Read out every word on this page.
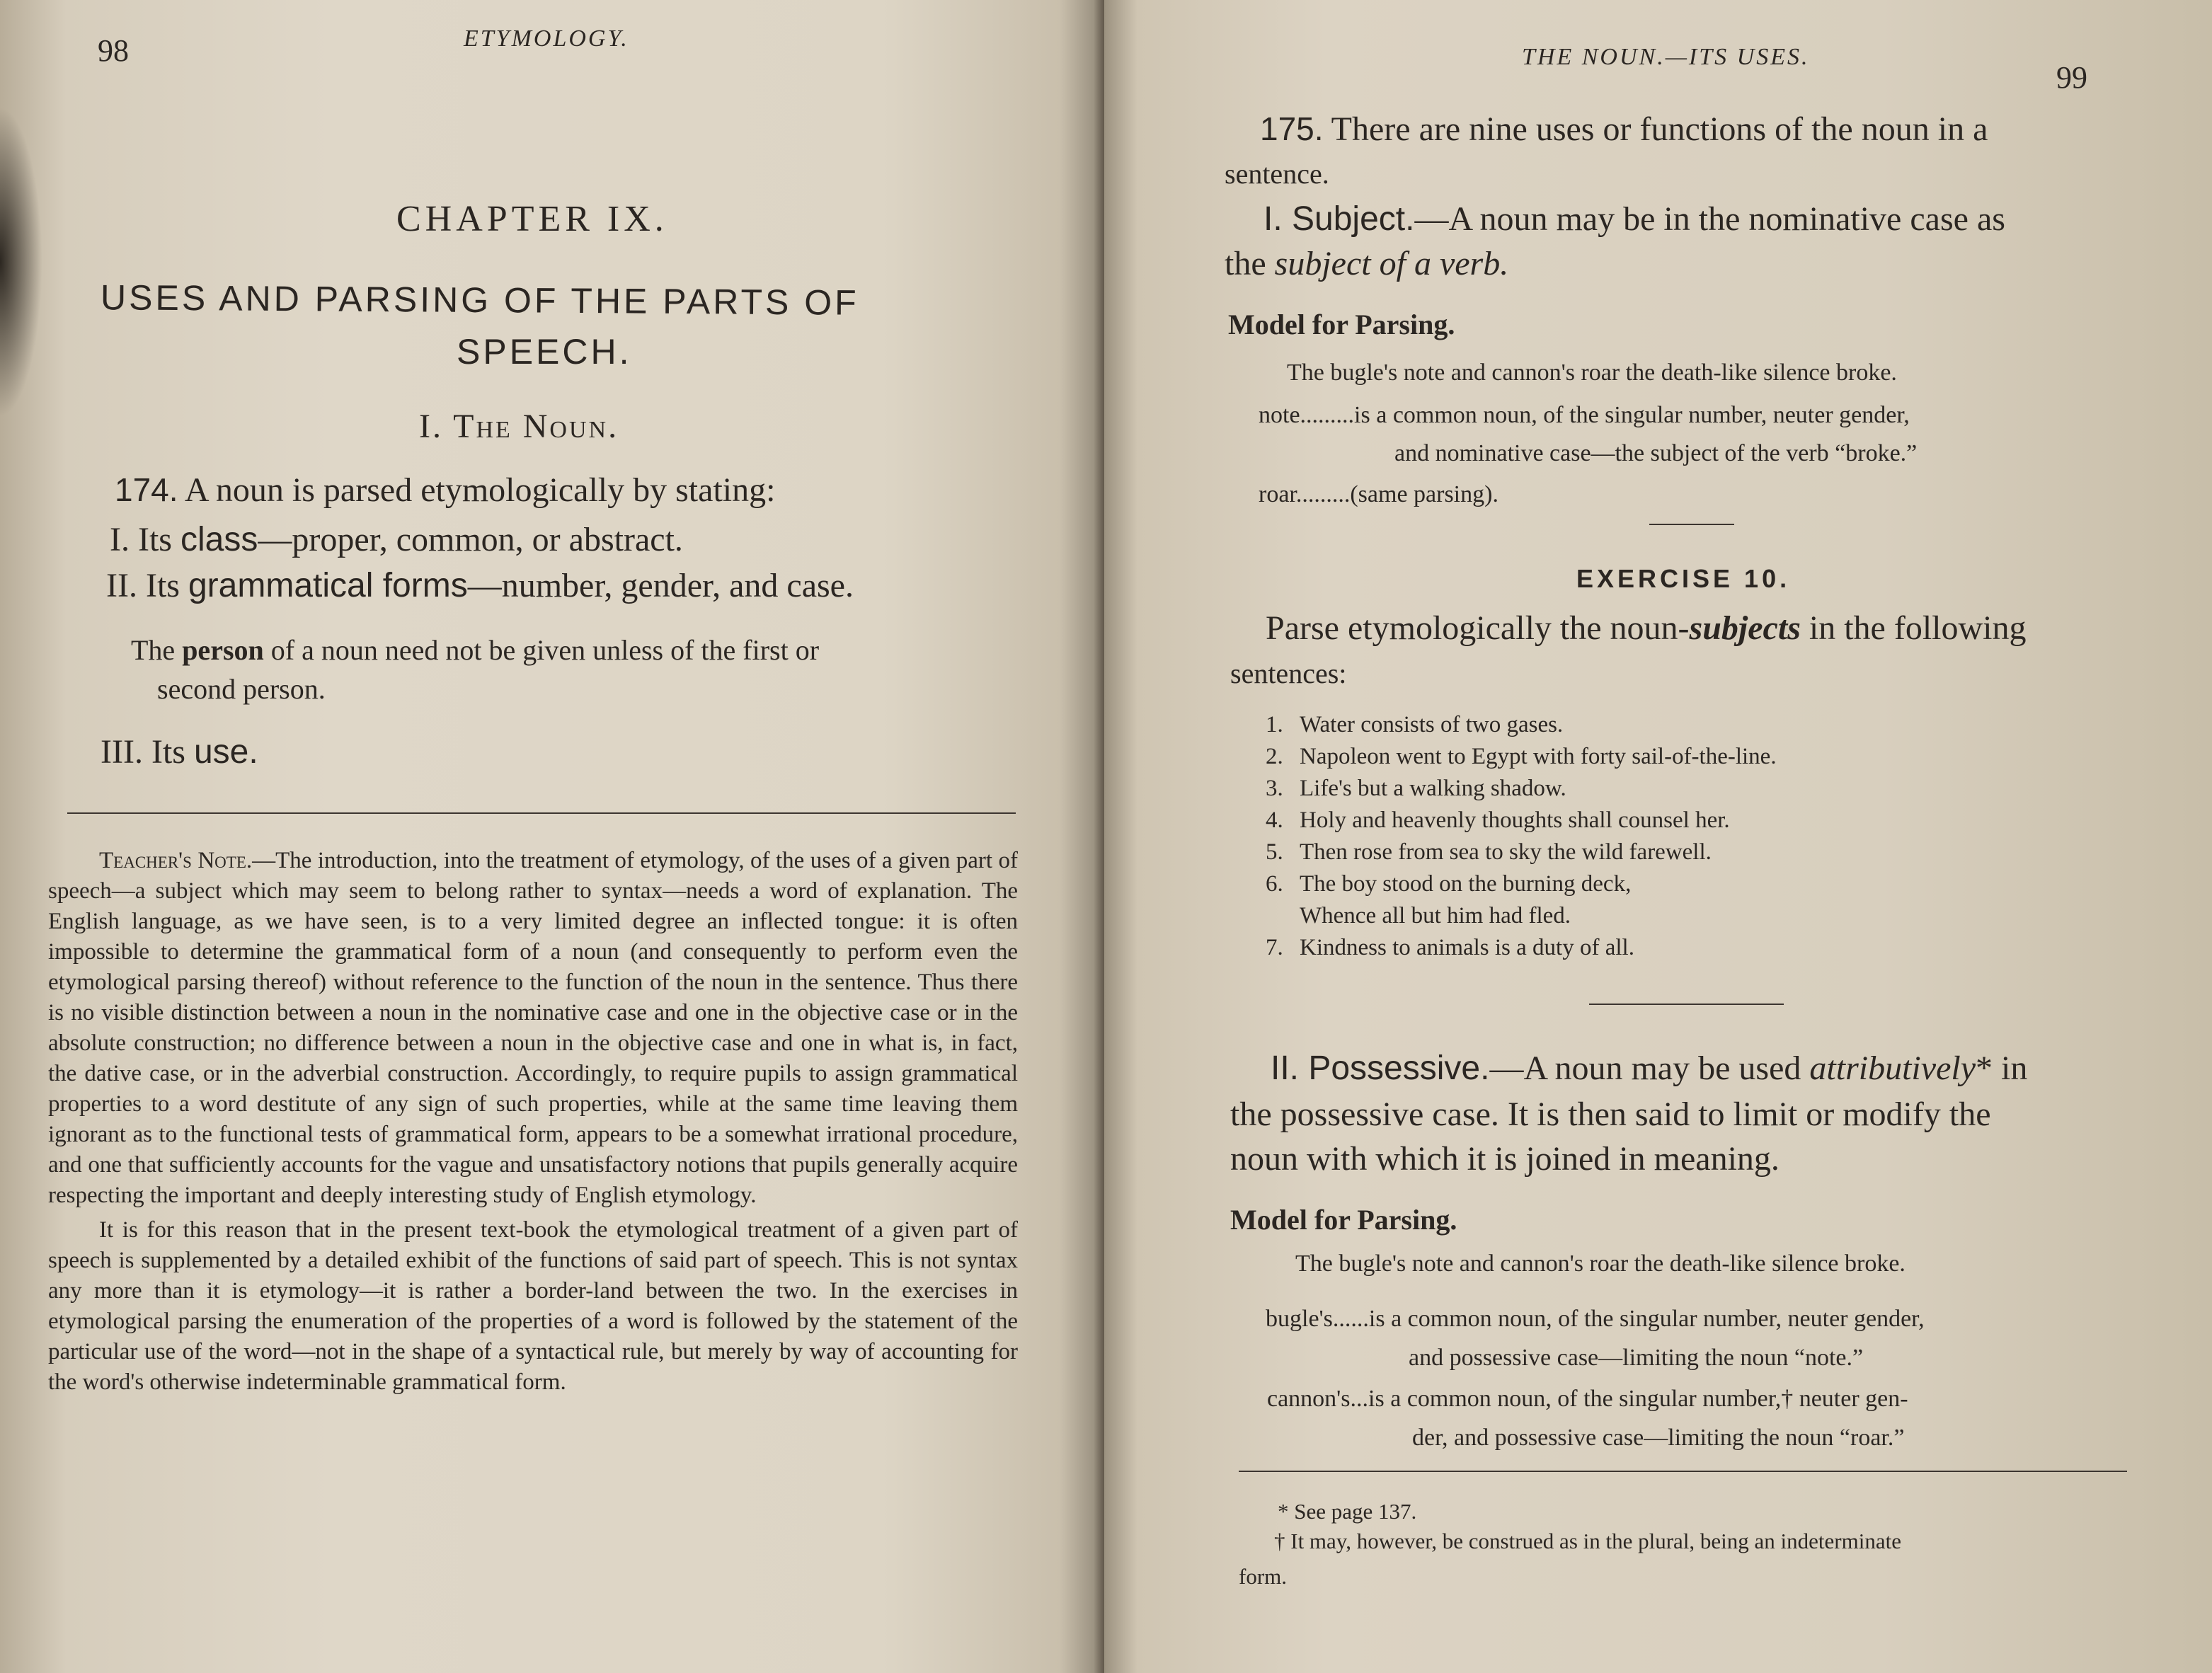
98	ETYMOLOGY.

CHAPTER IX.

USES AND PARSING OF THE PARTS OF

SPEECH.

I. The Noun.

174. A noun is parsed etymologically by stating:

I. Its class—proper, common, or abstract.

II. Its grammatical forms—number, gender, and case.

The person of a noun need not be given unless of the first or

second person.

III. Its use.

Teacher's Note.—The introduction, into the treatment of etymology, of the uses of a given part of speech—a subject which may seem to belong rather to syntax—needs a word of explanation. The English language, as we have seen, is to a very limited degree an inflected tongue: it is often impossible to determine the grammatical form of a noun (and consequently to perform even the etymological parsing thereof) without reference to the function of the noun in the sentence. Thus there is no visible distinction between a noun in the nominative case and one in the objective case or in the absolute construction; no difference between a noun in the objective case and one in what is, in fact, the dative case, or in the adverbial construction. Accordingly, to require pupils to assign grammatical properties to a word destitute of any sign of such properties, while at the same time leaving them ignorant as to the functional tests of grammatical form, appears to be a somewhat irrational procedure, and one that sufficiently accounts for the vague and unsatisfactory notions that pupils generally acquire respecting the important and deeply interesting study of English etymology.

It is for this reason that in the present text-book the etymological treatment of a given part of speech is supplemented by a detailed exhibit of the functions of said part of speech. This is not syntax any more than it is etymology—it is rather a border-land between the two. In the exercises in etymological parsing the enumeration of the properties of a word is followed by the statement of the particular use of the word—not in the shape of a syntactical rule, but merely by way of accounting for the word's otherwise indeterminable grammatical form.

THE NOUN.—ITS USES.

99

175. There are nine uses or functions of the noun in a

sentence.

I. Subject.—A noun may be in the nominative case as

the subject of a verb.

Model for Parsing.

The bugle's note and cannon's roar the death-like silence broke.

note.........is a common noun, of the singular number, neuter gender,

and nominative case—the subject of the verb “broke.”

roar.........(same parsing).

EXERCISE 10.

Parse etymologically the noun-subjects in the following

sentences:

1. Water consists of two gases.
2. Napoleon went to Egypt with forty sail-of-the-line.
3. Life's but a walking shadow.
4. Holy and heavenly thoughts shall counsel her.
5. Then rose from sea to sky the wild farewell.
6. The boy stood on the burning deck,
Whence all but him had fled.
7. Kindness to animals is a duty of all.

II. Possessive.—A noun may be used attributively* in

the possessive case. It is then said to limit or modify the

noun with which it is joined in meaning.

Model for Parsing.

The bugle's note and cannon's roar the death-like silence broke.

bugle's......is a common noun, of the singular number, neuter gender,

and possessive case—limiting the noun “note.”

cannon's...is a common noun, of the singular number,† neuter gen-

der, and possessive case—limiting the noun “roar.”

* See page 137.

† It may, however, be construed as in the plural, being an indeterminate

form.
